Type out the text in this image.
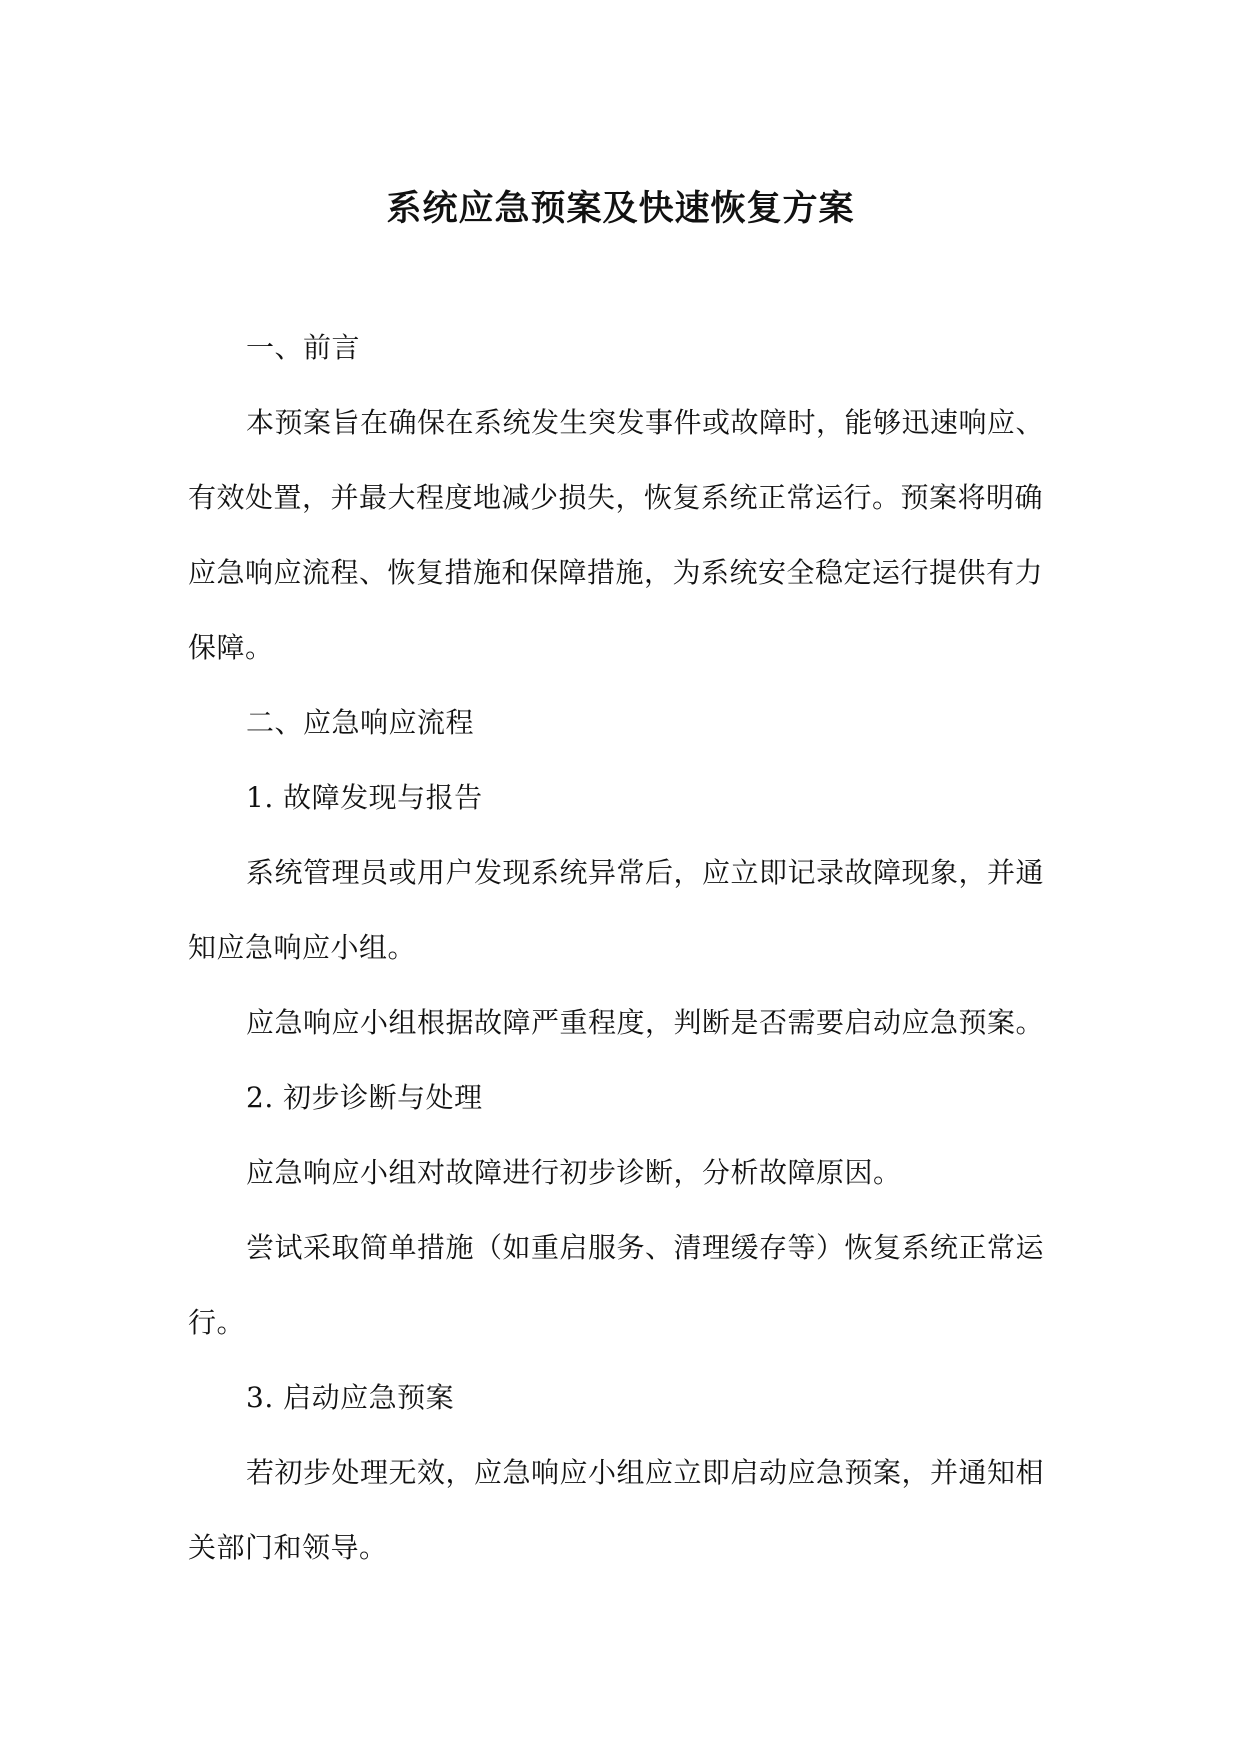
系统应急预案及快速恢复方案

一、前言

本预案旨在确保在系统发生突发事件或故障时，能够迅速响应、有效处置，并最大程度地减少损失，恢复系统正常运行。预案将明确应急响应流程、恢复措施和保障措施，为系统安全稳定运行提供有力保障。

二、应急响应流程

1. 故障发现与报告

系统管理员或用户发现系统异常后，应立即记录故障现象，并通知应急响应小组。

应急响应小组根据故障严重程度，判断是否需要启动应急预案。

2. 初步诊断与处理

应急响应小组对故障进行初步诊断，分析故障原因。

尝试采取简单措施（如重启服务、清理缓存等）恢复系统正常运行。

3. 启动应急预案

若初步处理无效，应急响应小组应立即启动应急预案，并通知相关部门和领导。
